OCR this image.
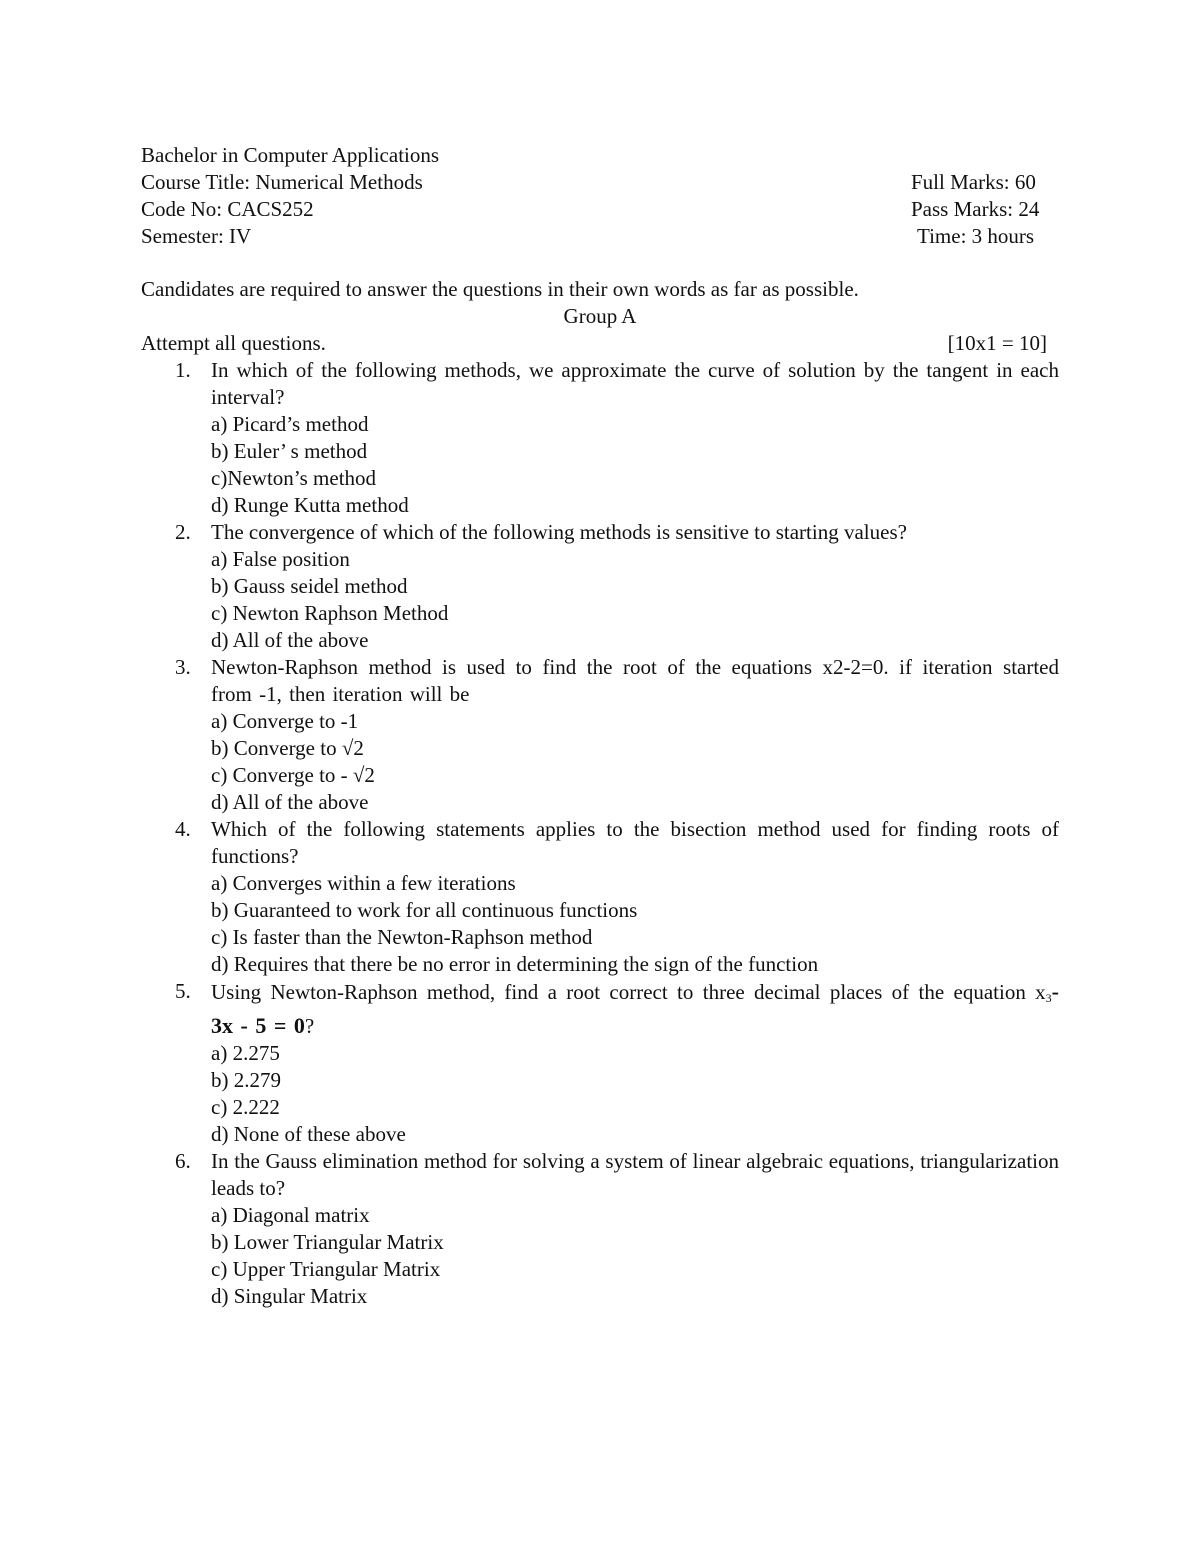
Bachelor in Computer Applications
Course Title: Numerical Methods	Full Marks: 60
Code No: CACS252	Pass Marks: 24
Semester: IV	Time: 3 hours
Candidates are required to answer the questions in their own words as far as possible.
Group A
Attempt all questions.	[10x1 = 10]
1. In which of the following methods, we approximate the curve of solution by the tangent in each interval?
a) Picard’s method
b) Euler’ s method
c)Newton’s method
d) Runge Kutta method
2. The convergence of which of the following methods is sensitive to starting values?
a) False position
b) Gauss seidel method
c) Newton Raphson Method
d) All of the above
3. Newton-Raphson method is used to find the root of the equations x2-2=0. if iteration started from -1, then iteration will be
a) Converge to -1
b) Converge to √2
c) Converge to - √2
d) All of the above
4. Which of the following statements applies to the bisection method used for finding roots of functions?
a) Converges within a few iterations
b) Guaranteed to work for all continuous functions
c) Is faster than the Newton-Raphson method
d) Requires that there be no error in determining the sign of the function
5. Using Newton-Raphson method, find a root correct to three decimal places of the equation $x_3-$ 3x - 5 = 0?
a) 2.275
b) 2.279
c) 2.222
d) None of these above
6. In the Gauss elimination method for solving a system of linear algebraic equations, triangularization leads to?
a) Diagonal matrix
b) Lower Triangular Matrix
c) Upper Triangular Matrix
d) Singular Matrix
